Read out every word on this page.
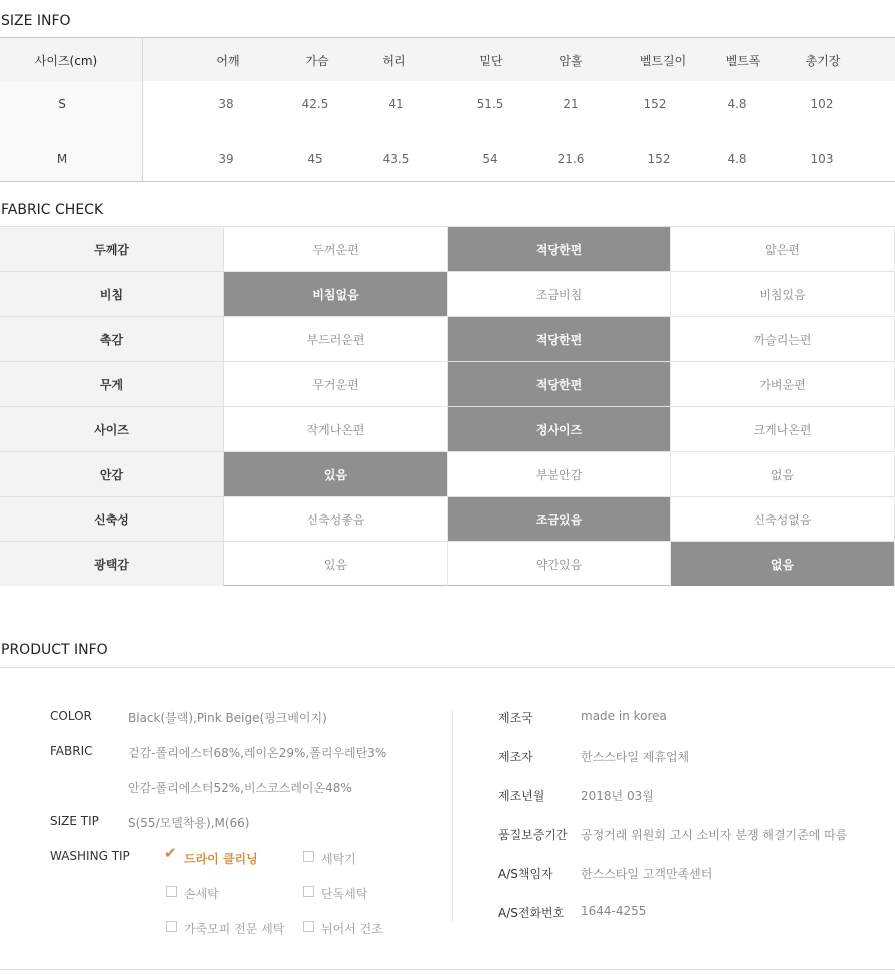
SIZE INFO
사이즈(cm)	어깨	가슴	허리	밑단	암홀	벨트길이	벨트폭	총기장
S	38	42.5	41	51.5	21	152	4.8	102
M	39	45	43.5	54	21.6	152	4.8	103
FABRIC CHECK
두께감	두꺼운편	적당한편	얇은편
비침	비침없음	조금비침	비침있음
촉감	부드러운편	적당한편	까슬리는편
무게	무거운편	적당한편	가벼운편
사이즈	작게나온편	정사이즈	크게나온편
안감	있음	부분안감	없음
신축성	신축성좋음	조금있음	신축성없음
광택감	있음	약간있음	없음
PRODUCT INFO
COLOR	Black(블랙),Pink Beige(핑크베이지)
FABRIC	겉감-폴리에스터68%,레이온29%,폴리우레탄3%
안감-폴리에스터52%,비스코스레이온48%
SIZE TIP S(55/모델착용),M(66)
WASHING TIP ✔ 드라이 클리닝	세탁기
손세탁	단독세탁
가죽모피 전문 세탁	뉘어서 건조
제조국	made in korea
제조자	한스스타일 제휴업체
제조년월	2018년 03월
품질보증기간 공정거래 위원회 고시 소비자 분쟁 해결기준에 따름
A/S책임자 한스스타일 고객만족센터
A/S전화번호 1644-4255
